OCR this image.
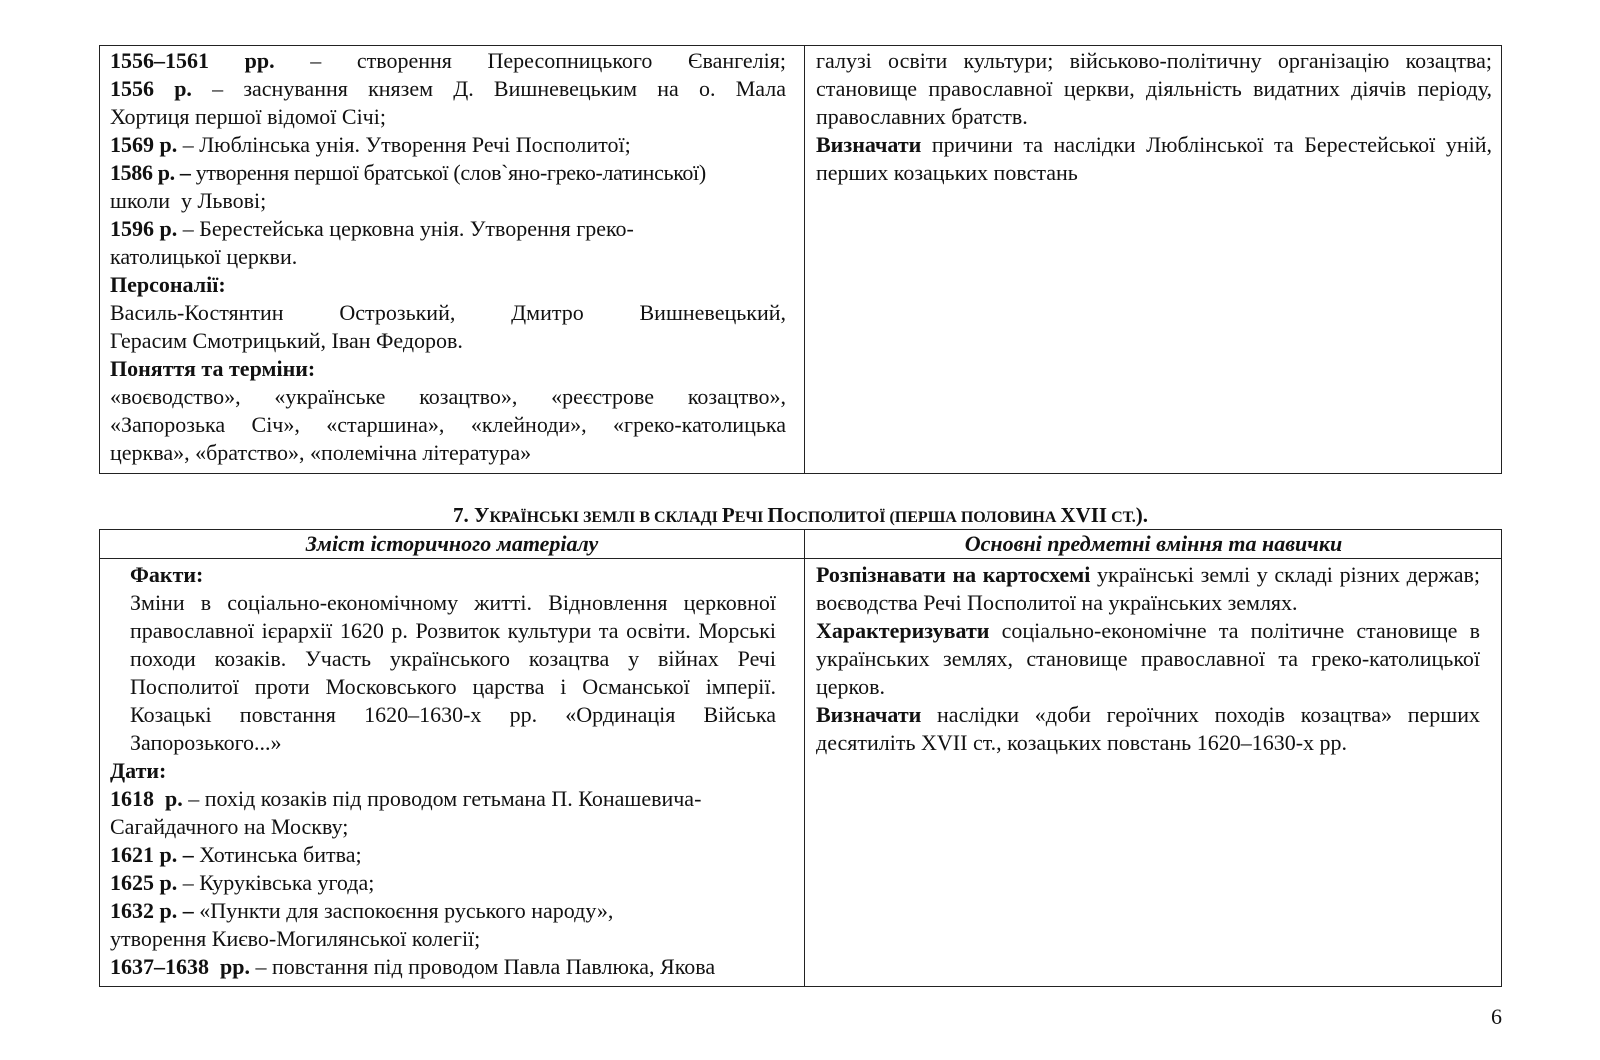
1556–1561 рр. – створення Пересопницького Євангелія;

1556 р. – заснування князем Д. Вишневецьким на о. Мала

Хортиця першої відомої Січі;

1569 р. – Люблінська унія. Утворення Речі Посполитої;

1586 р. – утворення першої братської (слов`яно-греко-латинської)

школи  у Львові;

1596 р. – Берестейська церковна унія. Утворення греко-

католицької церкви.

Персоналії:

Василь-Костянтин Острозький, Дмитро Вишневецький,

Герасим Смотрицький, Іван Федоров.

Поняття та терміни:

«воєводство», «українське козацтво», «реєстрове козацтво»,

«Запорозька Січ», «старшина», «клейноди», «греко-католицька

церква», «братство», «полемічна література»

галузі освіти культури; військово-політичну організацію козацтва; становище православної церкви, діяльність видатних діячів періоду, православних братств.

Визначати причини та наслідки Люблінської та Берестейської уній, перших козацьких повстань

7. УКРАЇНСЬКІ ЗЕМЛІ В СКЛАДІ РЕЧІ ПОСПОЛИТОЇ (ПЕРША ПОЛОВИНА XVII СТ.).
Зміст історичного матеріалу	Основні предметні вміння та навички

Факти:

Зміни в соціально-економічному житті. Відновлення церковної православної ієрархії 1620 р. Розвиток культури та освіти. Морські походи козаків. Участь українського козацтва у війнах Речі Посполитої проти Московського царства і Османської імперії. Козацькі повстання 1620–1630-х рр. «Ординація Війська Запорозького...»

Дати:

1618  р. – похід козаків під проводом гетьмана П. Конашевича-

Сагайдачного на Москву;

1621 р. – Хотинська битва;

1625 р. – Куруківська угода;

1632 р. – «Пункти для заспокоєння руського народу»,

утворення Києво-Могилянської колегії;

1637–1638  рр. – повстання під проводом Павла Павлюка, Якова

Розпізнавати на картосхемі українські землі у складі різних держав; воєводства Речі Посполитої на українських землях.

Характеризувати соціально-економічне та політичне становище в українських землях, становище православної та греко-католицької церков.

Визначати наслідки «доби героїчних походів козацтва» перших десятиліть XVII ст., козацьких повстань 1620–1630-х рр.

6
